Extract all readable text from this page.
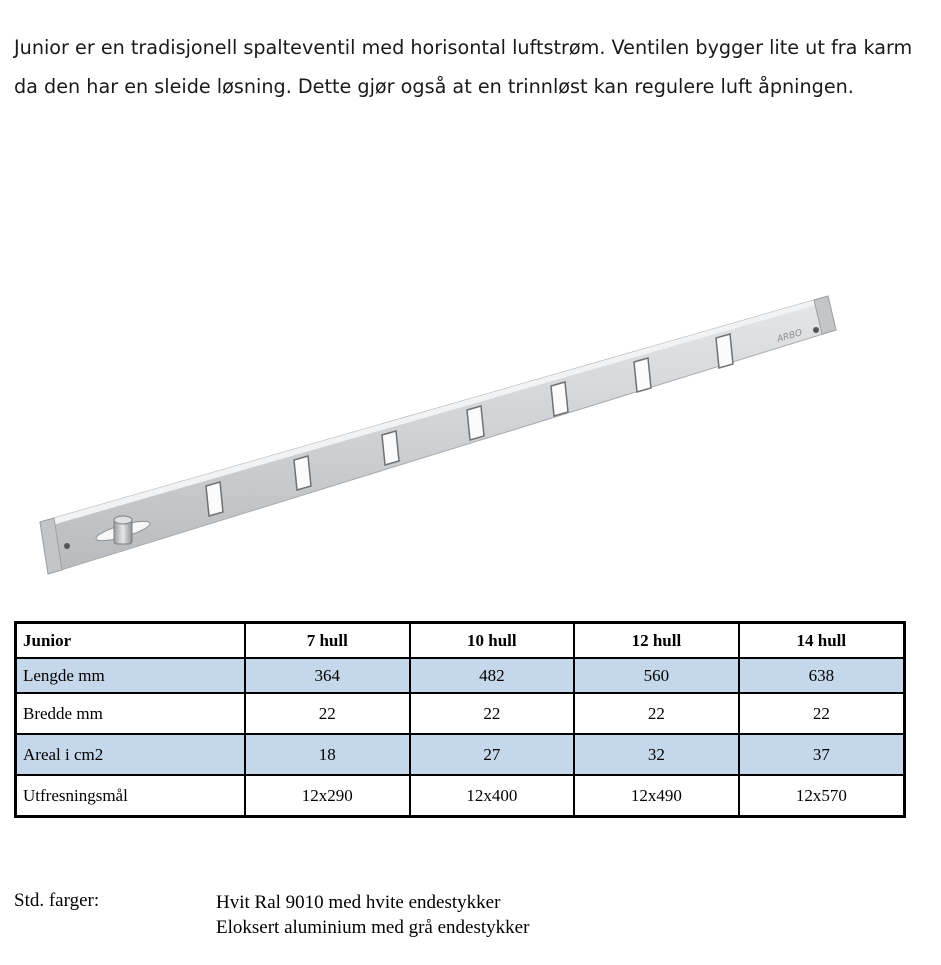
Junior er en tradisjonell spalteventil med horisontal luftstrøm. Ventilen bygger lite ut fra karm

da den har en sleide løsning. Dette gjør også at en trinnløst kan regulere luft åpningen.

ARBO
Junior	7 hull	10 hull	12 hull	14 hull
Lengde mm	364	482	560	638
Bredde mm	22	22	22	22
Areal i cm2	18	27	32	37
Utfresningsmål	12x290	12x400	12x490	12x570
Std. farger:	Hvit Ral 9010 med hvite endestykker
Eloksert aluminium med grå endestykker
